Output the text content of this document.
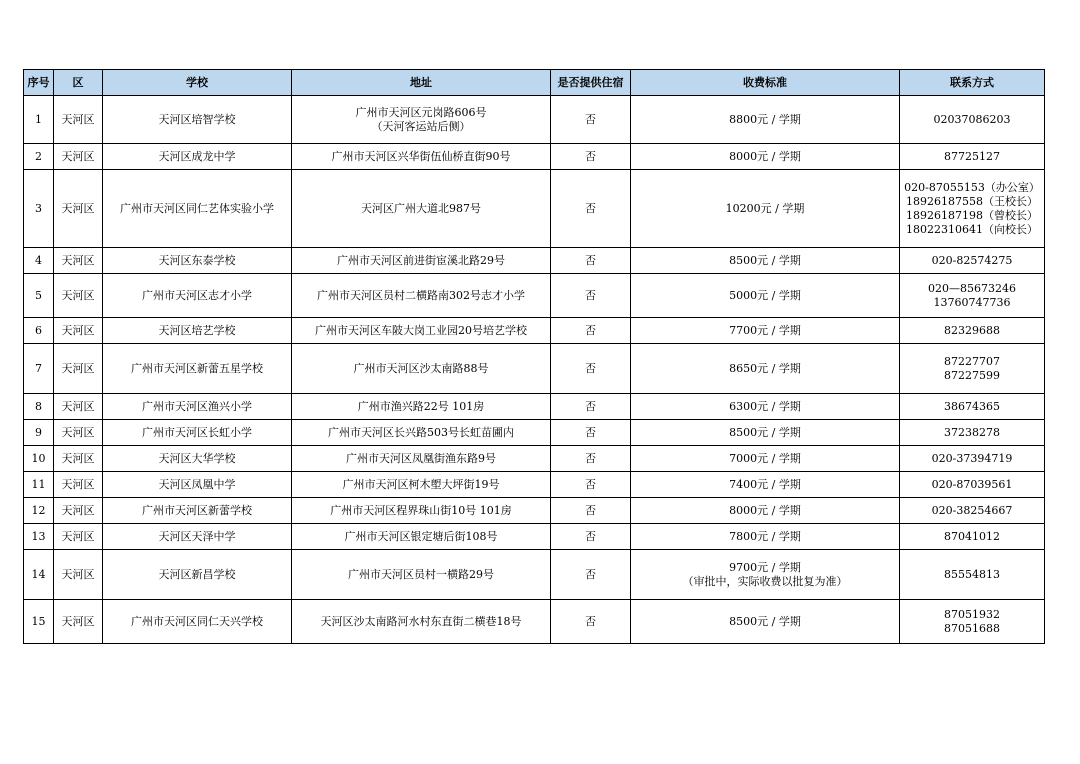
序号	区	学校	地址	是否提供住宿	收费标准	联系方式
1	天河区	天河区培智学校	广州市天河区元岗路606号
（天河客运站后侧）	否	8800元 / 学期	02037086203

2	天河区	天河区成龙中学	广州市天河区兴华街伍仙桥直街90号	否	8000元 / 学期	87725127

3	天河区	广州市天河区同仁艺体实验小学	天河区广州大道北987号	否	10200元 / 学期	020-87055153（办公室）
18926187558（王校长）
18926187198（曾校长）
18022310641（向校长）

4	天河区	天河区东泰学校	广州市天河区前进街宦溪北路29号	否	8500元 / 学期	020-82574275

5	天河区	广州市天河区志才小学	广州市天河区员村二横路南302号志才小学	否	5000元 / 学期	020—85673246
13760747736

6	天河区	天河区培艺学校	广州市天河区车陂大岗工业园20号培艺学校	否	7700元 / 学期	82329688

7	天河区	广州市天河区新蕾五星学校	广州市天河区沙太南路88号	否	8650元 / 学期	87227707
87227599

8	天河区	广州市天河区渔兴小学	广州市渔兴路22号 101房	否	6300元 / 学期	38674365

9	天河区	广州市天河区长虹小学	广州市天河区长兴路503号长虹苗圃内	否	8500元 / 学期	37238278

10	天河区	天河区大华学校	广州市天河区凤凰街渔东路9号	否	7000元 / 学期	020-37394719

11	天河区	天河区凤凰中学	广州市天河区柯木塱大坪街19号	否	7400元 / 学期	020-87039561

12	天河区	广州市天河区新蕾学校	广州市天河区程界珠山街10号 101房	否	8000元 / 学期	020-38254667

13	天河区	天河区天泽中学	广州市天河区银定塘后街108号	否	7800元 / 学期	87041012

14	天河区	天河区新昌学校	广州市天河区员村一横路29号	否	9700元 / 学期
（审批中，实际收费以批复为准）	85554813

15	天河区	广州市天河区同仁天兴学校	天河区沙太南路河水村东直街二横巷18号	否	8500元 / 学期	87051932
87051688
